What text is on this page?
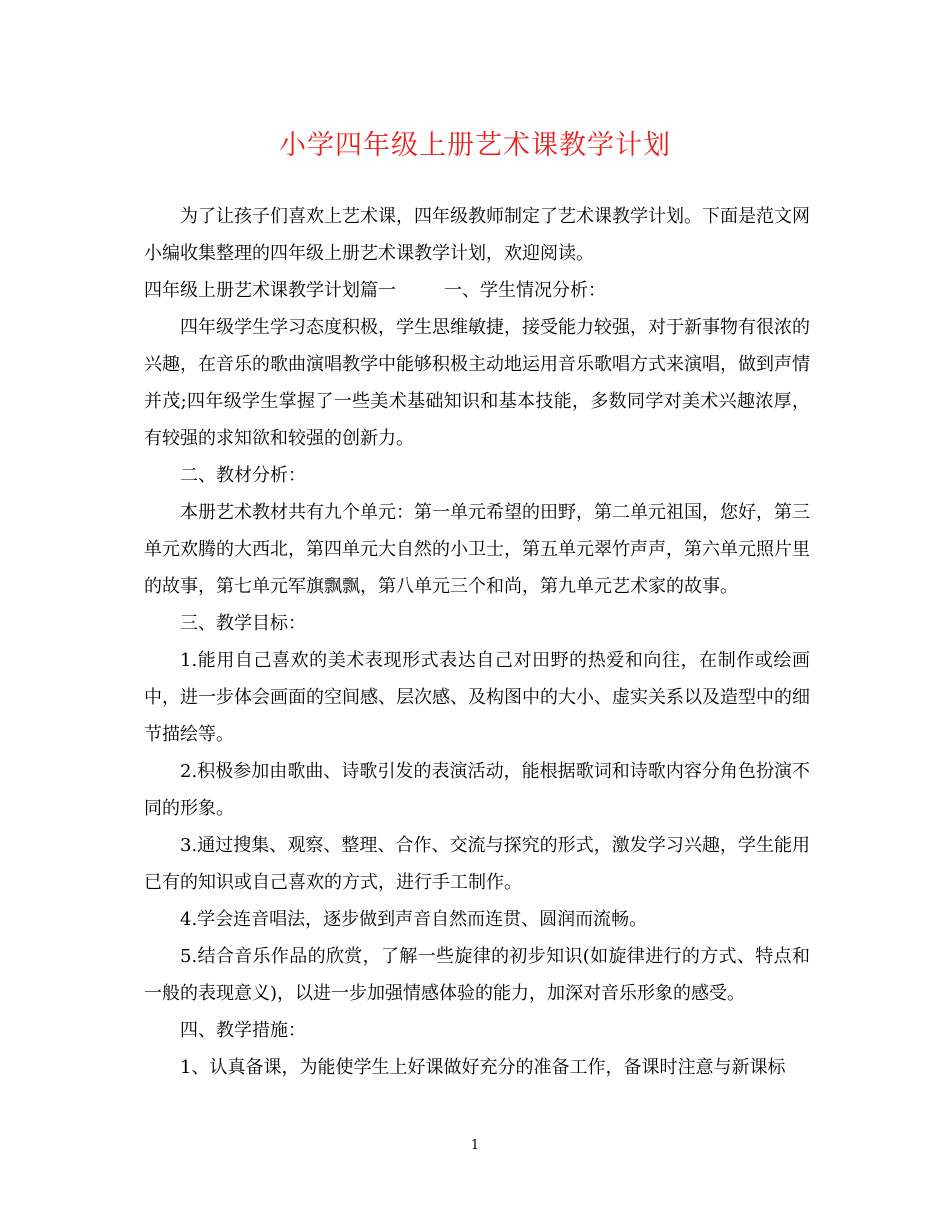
小学四年级上册艺术课教学计划

为了让孩子们喜欢上艺术课，四年级教师制定了艺术课教学计划。下面是范文网小编收集整理的四年级上册艺术课教学计划，欢迎阅读。

四年级上册艺术课教学计划篇一	一、学生情况分析：

四年级学生学习态度积极，学生思维敏捷，接受能力较强，对于新事物有很浓的兴趣，在音乐的歌曲演唱教学中能够积极主动地运用音乐歌唱方式来演唱，做到声情并茂;四年级学生掌握了一些美术基础知识和基本技能，多数同学对美术兴趣浓厚，有较强的求知欲和较强的创新力。

二、教材分析：

本册艺术教材共有九个单元：第一单元希望的田野，第二单元祖国，您好，第三单元欢腾的大西北，第四单元大自然的小卫士，第五单元翠竹声声，第六单元照片里的故事，第七单元军旗飘飘，第八单元三个和尚，第九单元艺术家的故事。

三、教学目标：

1.能用自己喜欢的美术表现形式表达自己对田野的热爱和向往，在制作或绘画中，进一步体会画面的空间感、层次感、及构图中的大小、虚实关系以及造型中的细节描绘等。

2.积极参加由歌曲、诗歌引发的表演活动，能根据歌词和诗歌内容分角色扮演不同的形象。

3.通过搜集、观察、整理、合作、交流与探究的形式，激发学习兴趣，学生能用已有的知识或自己喜欢的方式，进行手工制作。

4.学会连音唱法，逐步做到声音自然而连贯、圆润而流畅。

5.结合音乐作品的欣赏，了解一些旋律的初步知识(如旋律进行的方式、特点和一般的表现意义)，以进一步加强情感体验的能力，加深对音乐形象的感受。

四、教学措施：

1、认真备课，为能使学生上好课做好充分的准备工作，备课时注意与新课标

1
